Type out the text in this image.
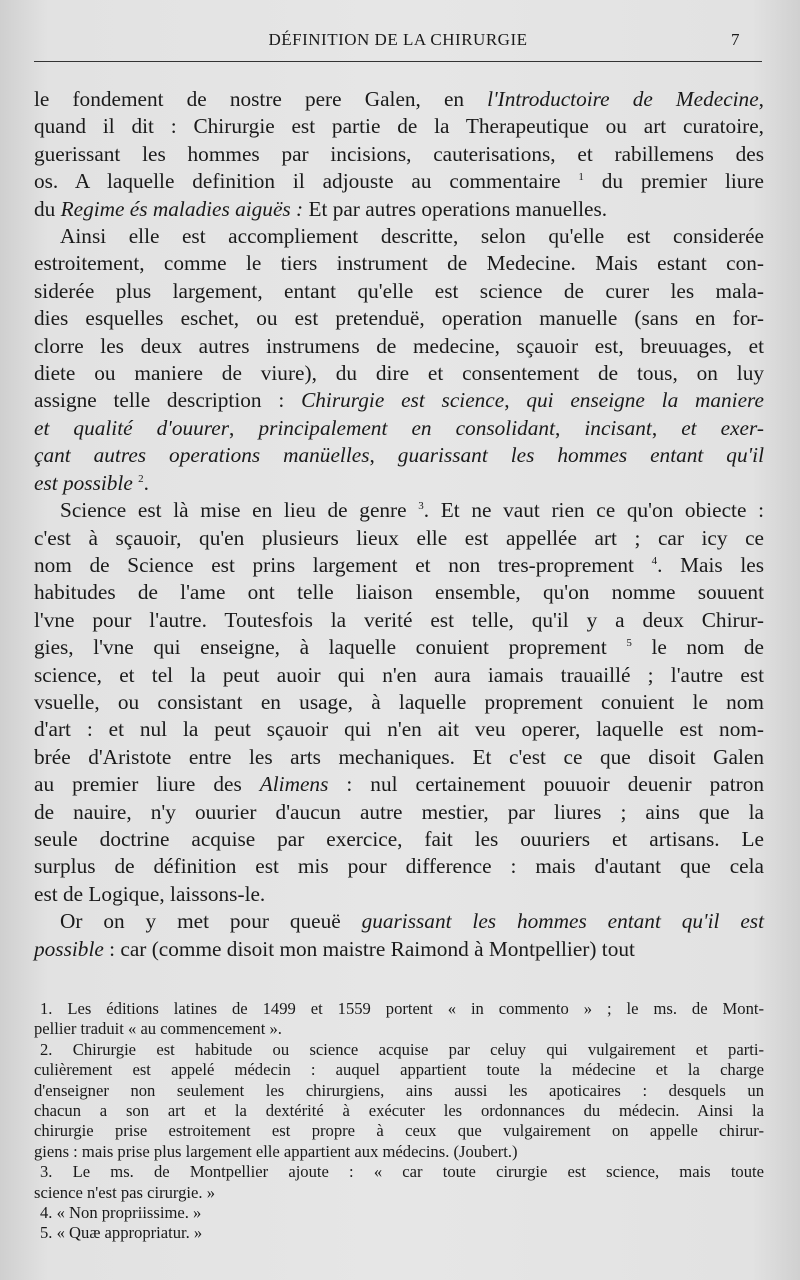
DÉFINITION DE LA CHIRURGIE	7
le fondement de nostre pere Galen, en l'Introductoire de Medecine,
quand il dit : Chirurgie est partie de la Therapeutique ou art curatoire,
guerissant les hommes par incisions, cauterisations, et rabillemens des
os. A laquelle definition il adjouste au commentaire $^1$ du premier liure
du Regime és maladies aiguës : Et par autres operations manuelles.
Ainsi elle est accompliement descritte, selon qu'elle est considerée
estroitement, comme le tiers instrument de Medecine. Mais estant con-
siderée plus largement, entant qu'elle est science de curer les mala-
dies esquelles eschet, ou est pretenduë, operation manuelle (sans en for-
clorre les deux autres instrumens de medecine, sçauoir est, breuuages, et
diete ou maniere de viure), du dire et consentement de tous, on luy
assigne telle description : Chirurgie est science, qui enseigne la maniere
et qualité d'ouurer, principalement en consolidant, incisant, et exer-
çant autres operations manüelles, guarissant les hommes entant qu'il
est possible $^2$.
Science est là mise en lieu de genre $^3$. Et ne vaut rien ce qu'on obiecte :
c'est à sçauoir, qu'en plusieurs lieux elle est appellée art ; car icy ce
nom de Science est prins largement et non tres-proprement $^4$. Mais les
habitudes de l'ame ont telle liaison ensemble, qu'on nomme souuent
l'vne pour l'autre. Toutesfois la verité est telle, qu'il y a deux Chirur-
gies, l'vne qui enseigne, à laquelle conuient proprement $^5$ le nom de
science, et tel la peut auoir qui n'en aura iamais trauaillé ; l'autre est
vsuelle, ou consistant en usage, à laquelle proprement conuient le nom
d'art : et nul la peut sçauoir qui n'en ait veu operer, laquelle est nom-
brée d'Aristote entre les arts mechaniques. Et c'est ce que disoit Galen
au premier liure des Alimens : nul certainement pouuoir deuenir patron
de nauire, n'y ouurier d'aucun autre mestier, par liures ; ains que la
seule doctrine acquise par exercice, fait les ouuriers et artisans. Le
surplus de définition est mis pour difference : mais d'autant que cela
est de Logique, laissons-le.
Or on y met pour queuë guarissant les hommes entant qu'il est
possible : car (comme disoit mon maistre Raimond à Montpellier) tout
1. Les éditions latines de 1499 et 1559 portent « in commento » ; le ms. de Mont-
pellier traduit « au commencement ».
2. Chirurgie est habitude ou science acquise par celuy qui vulgairement et parti-
culièrement est appelé médecin : auquel appartient toute la médecine et la charge
d'enseigner non seulement les chirurgiens, ains aussi les apoticaires : desquels un
chacun a son art et la dextérité à exécuter les ordonnances du médecin. Ainsi la
chirurgie prise estroitement est propre à ceux que vulgairement on appelle chirur-
giens : mais prise plus largement elle appartient aux médecins. (Joubert.)
3. Le ms. de Montpellier ajoute : « car toute cirurgie est science, mais toute
science n'est pas cirurgie. »
4. « Non propriissime. »
5. « Quæ appropriatur. »
